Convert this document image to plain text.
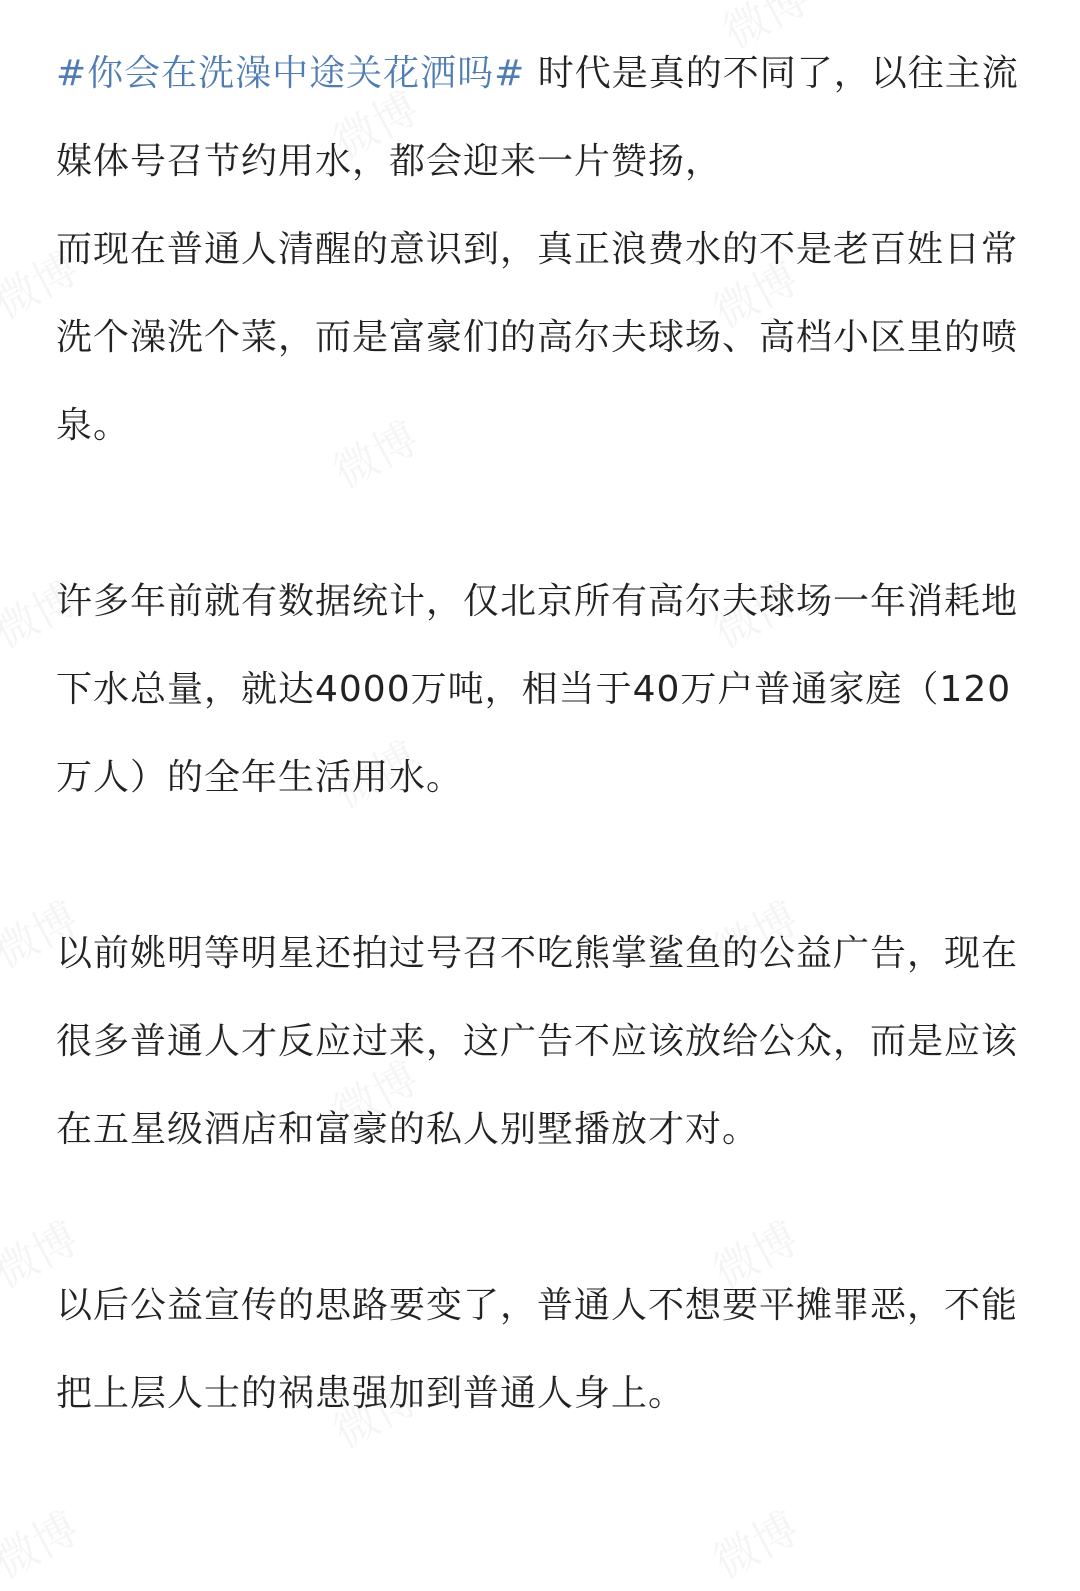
#你会在洗澡中途关花洒吗# 时代是真的不同了，以往主流媒体号召节约用水，都会迎来一片赞扬，

而现在普通人清醒的意识到，真正浪费水的不是老百姓日常洗个澡洗个菜，而是富豪们的高尔夫球场、高档小区里的喷泉。

许多年前就有数据统计，仅北京所有高尔夫球场一年消耗地下水总量，就达4000万吨，相当于40万户普通家庭（120万人）的全年生活用水。

以前姚明等明星还拍过号召不吃熊掌鲨鱼的公益广告，现在很多普通人才反应过来，这广告不应该放给公众，而是应该在五星级酒店和富豪的私人别墅播放才对。

以后公益宣传的思路要变了，普通人不想要平摊罪恶，不能把上层人士的祸患强加到普通人身上。
